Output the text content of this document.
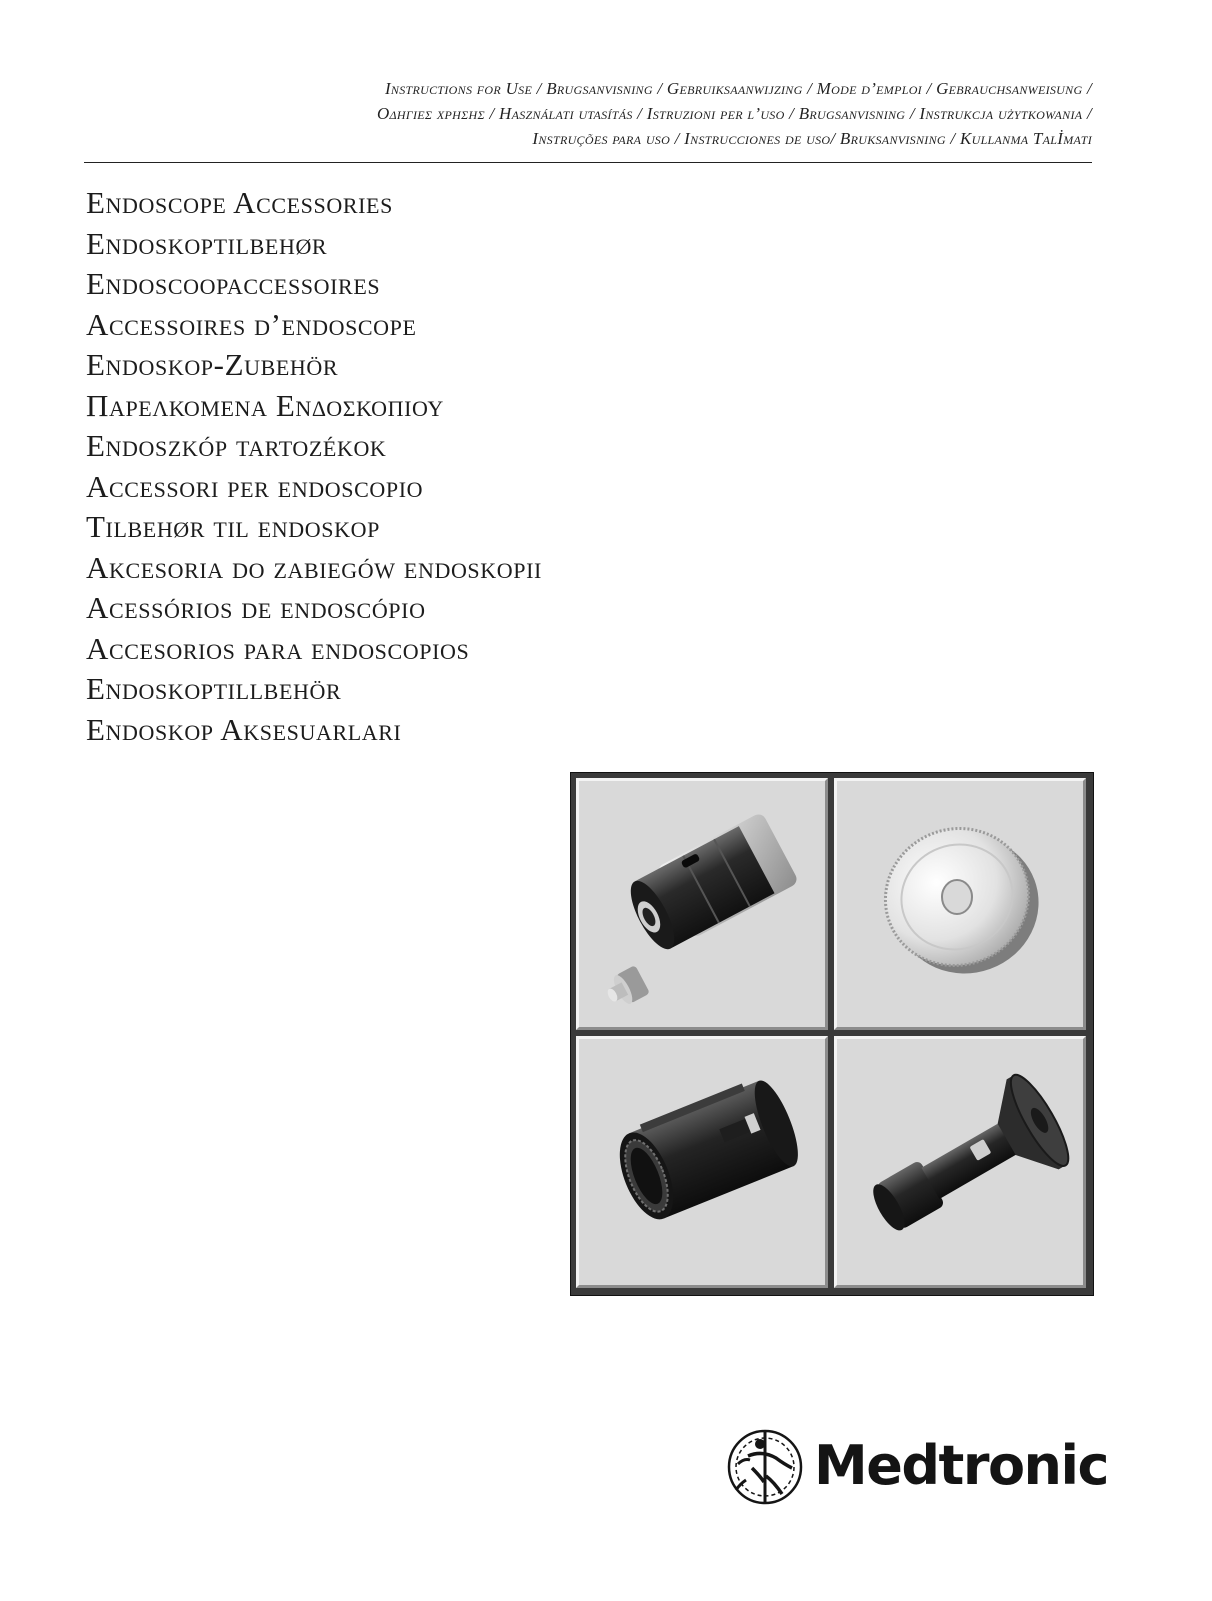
Instructions for Use / Brugsanvisning / Gebruiksaanwijzing / Mode d’emploi / Gebrauchsanweisung /
Οδηγιεσ χρησησ / Használati utasítás / Istruzioni per l’uso / Brugsanvisning / Instrukcja użytkowania /
Instruções para uso / Instrucciones de uso/ Bruksanvisning / Kullanma Talİmati
Endoscope Accessories
Endoskoptilbehør
Endoscoopaccessoires
Accessoires d’endoscope
Endoskop-Zubehör
Παρελκομενα Ενδοσκοπιου
Endoszkóp tartozékok
Accessori per endoscopio
Tilbehør til endoskop
Akcesoria do zabiegów endoskopii
Acessórios de endoscópio
Accesorios para endoscopios
Endoskoptillbehör
Endoskop Aksesuarlari
Medtronic
